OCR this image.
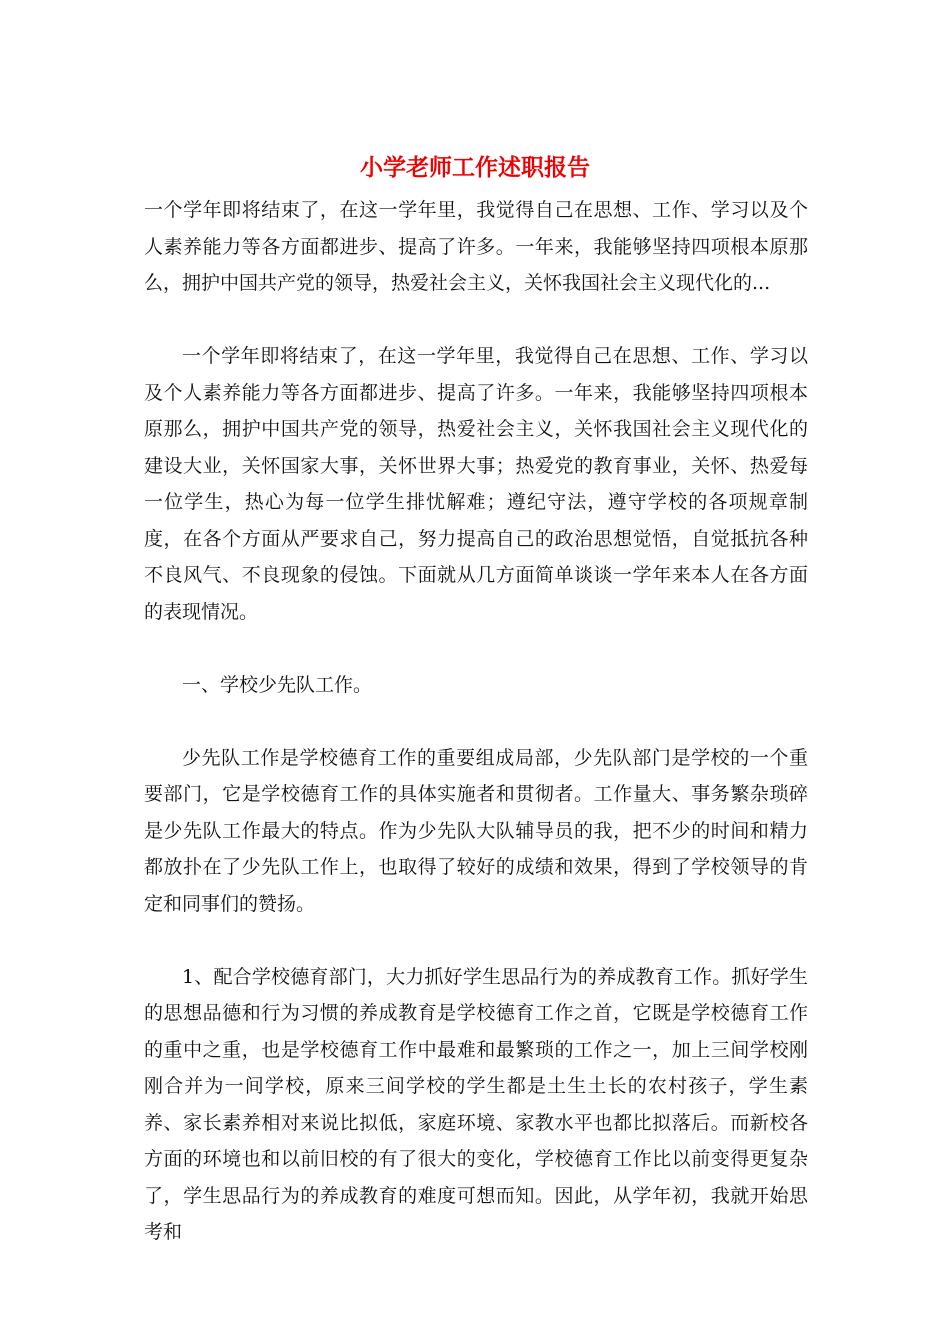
小学老师工作述职报告

一个学年即将结束了，在这一学年里，我觉得自己在思想、工作、学习以及个人素养能力等各方面都进步、提高了许多。一年来，我能够坚持四项根本原那么，拥护中国共产党的领导，热爱社会主义，关怀我国社会主义现代化的...

一个学年即将结束了，在这一学年里，我觉得自己在思想、工作、学习以及个人素养能力等各方面都进步、提高了许多。一年来，我能够坚持四项根本原那么，拥护中国共产党的领导，热爱社会主义，关怀我国社会主义现代化的建设大业，关怀国家大事，关怀世界大事；热爱党的教育事业，关怀、热爱每一位学生，热心为每一位学生排忧解难；遵纪守法，遵守学校的各项规章制度，在各个方面从严要求自己，努力提高自己的政治思想觉悟，自觉抵抗各种不良风气、不良现象的侵蚀。下面就从几方面简单谈谈一学年来本人在各方面的表现情况。

一、学校少先队工作。

少先队工作是学校德育工作的重要组成局部，少先队部门是学校的一个重要部门，它是学校德育工作的具体实施者和贯彻者。工作量大、事务繁杂琐碎是少先队工作最大的特点。作为少先队大队辅导员的我，把不少的时间和精力都放扑在了少先队工作上，也取得了较好的成绩和效果，得到了学校领导的肯定和同事们的赞扬。

1、配合学校德育部门，大力抓好学生思品行为的养成教育工作。抓好学生的思想品德和行为习惯的养成教育是学校德育工作之首，它既是学校德育工作的重中之重，也是学校德育工作中最难和最繁琐的工作之一，加上三间学校刚刚合并为一间学校，原来三间学校的学生都是土生土长的农村孩子，学生素养、家长素养相对来说比拟低，家庭环境、家教水平也都比拟落后。而新校各方面的环境也和以前旧校的有了很大的变化，学校德育工作比以前变得更复杂了，学生思品行为的养成教育的难度可想而知。因此，从学年初，我就开始思考和
